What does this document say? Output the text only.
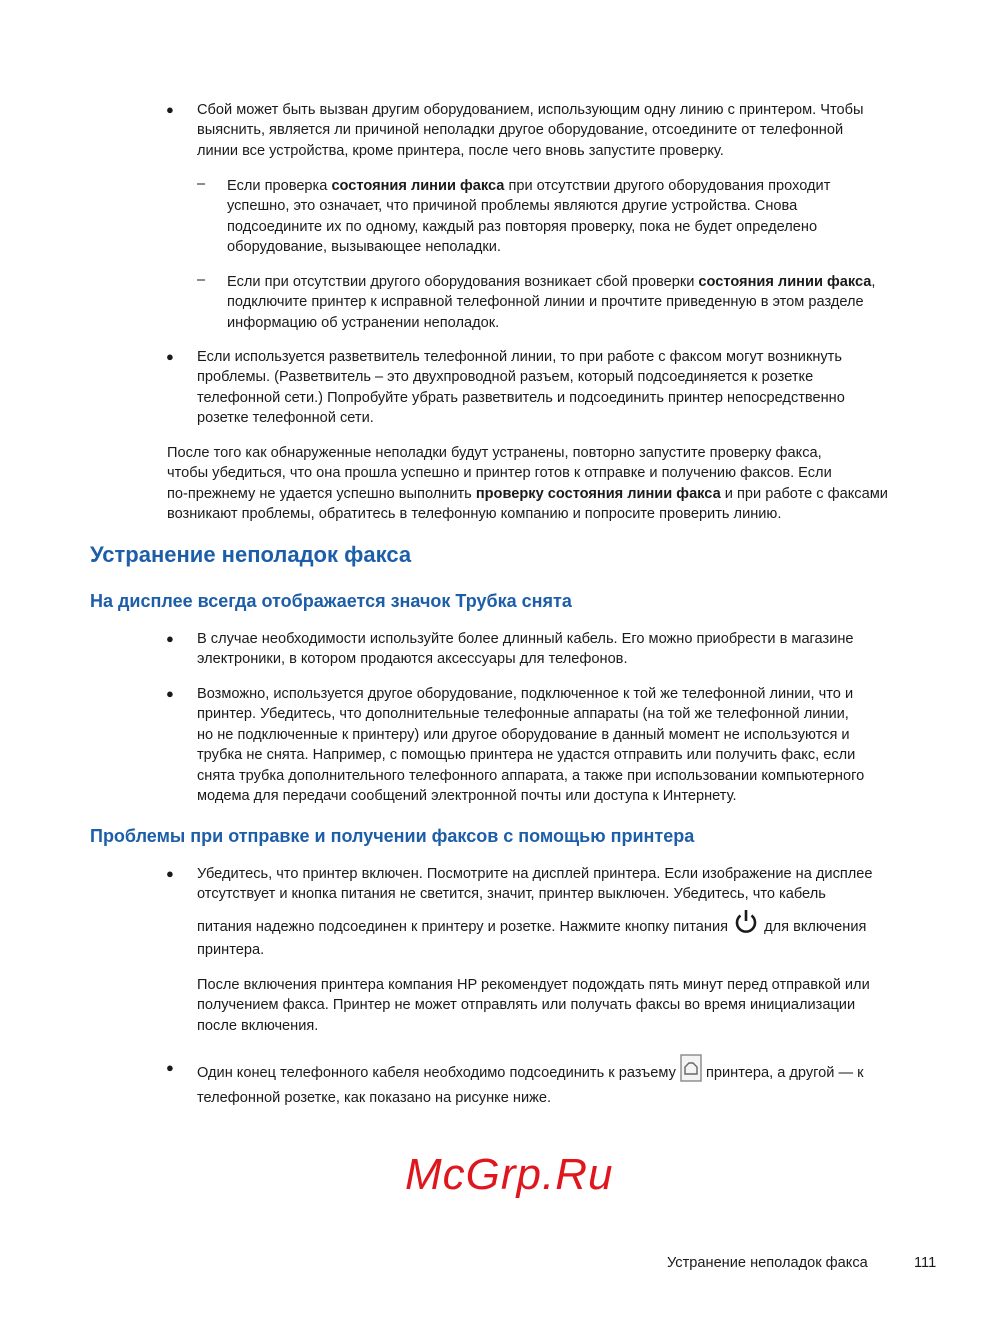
● Сбой может быть вызван другим оборудованием, использующим одну линию с принтером. Чтобы
выяснить, является ли причиной неполадки другое оборудование, отсоедините от телефонной
линии все устройства, кроме принтера, после чего вновь запустите проверку.
– Если проверка состояния линии факса при отсутствии другого оборудования проходит
успешно, это означает, что причиной проблемы являются другие устройства. Снова
подсоедините их по одному, каждый раз повторяя проверку, пока не будет определено
оборудование, вызывающее неполадки.
– Если при отсутствии другого оборудования возникает сбой проверки состояния линии факса,
подключите принтер к исправной телефонной линии и прочтите приведенную в этом разделе
информацию об устранении неполадок.
● Если используется разветвитель телефонной линии, то при работе с факсом могут возникнуть
проблемы. (Разветвитель – это двухпроводной разъем, который подсоединяется к розетке
телефонной сети.) Попробуйте убрать разветвитель и подсоединить принтер непосредственно
розетке телефонной сети.
После того как обнаруженные неполадки будут устранены, повторно запустите проверку факса,
чтобы убедиться, что она прошла успешно и принтер готов к отправке и получению факсов. Если
по-прежнему не удается успешно выполнить проверку состояния линии факса и при работе с факсами
возникают проблемы, обратитесь в телефонную компанию и попросите проверить линию.
Устранение неполадок факса
На дисплее всегда отображается значок Трубка снята
● В случае необходимости используйте более длинный кабель. Его можно приобрести в магазине
электроники, в котором продаются аксессуары для телефонов.
● Возможно, используется другое оборудование, подключенное к той же телефонной линии, что и
принтер. Убедитесь, что дополнительные телефонные аппараты (на той же телефонной линии,
но не подключенные к принтеру) или другое оборудование в данный момент не используются и
трубка не снята. Например, с помощью принтера не удастся отправить или получить факс, если
снята трубка дополнительного телефонного аппарата, а также при использовании компьютерного
модема для передачи сообщений электронной почты или доступа к Интернету.
Проблемы при отправке и получении факсов с помощью принтера
● Убедитесь, что принтер включен. Посмотрите на дисплей принтера. Если изображение на дисплее
отсутствует и кнопка питания не светится, значит, принтер выключен. Убедитесь, что кабель
питания надежно подсоединен к принтеру и розетке. Нажмите кнопку питания  для включения
принтера.
После включения принтера компания HP рекомендует подождать пять минут перед отправкой или
получением факса. Принтер не может отправлять или получать факсы во время инициализации
после включения.
● Один конец телефонного кабеля необходимо подсоединить к разъему  принтера, а другой — к
телефонной розетке, как показано на рисунке ниже.
McGrp.Ru
Устранение неполадок факса	111
